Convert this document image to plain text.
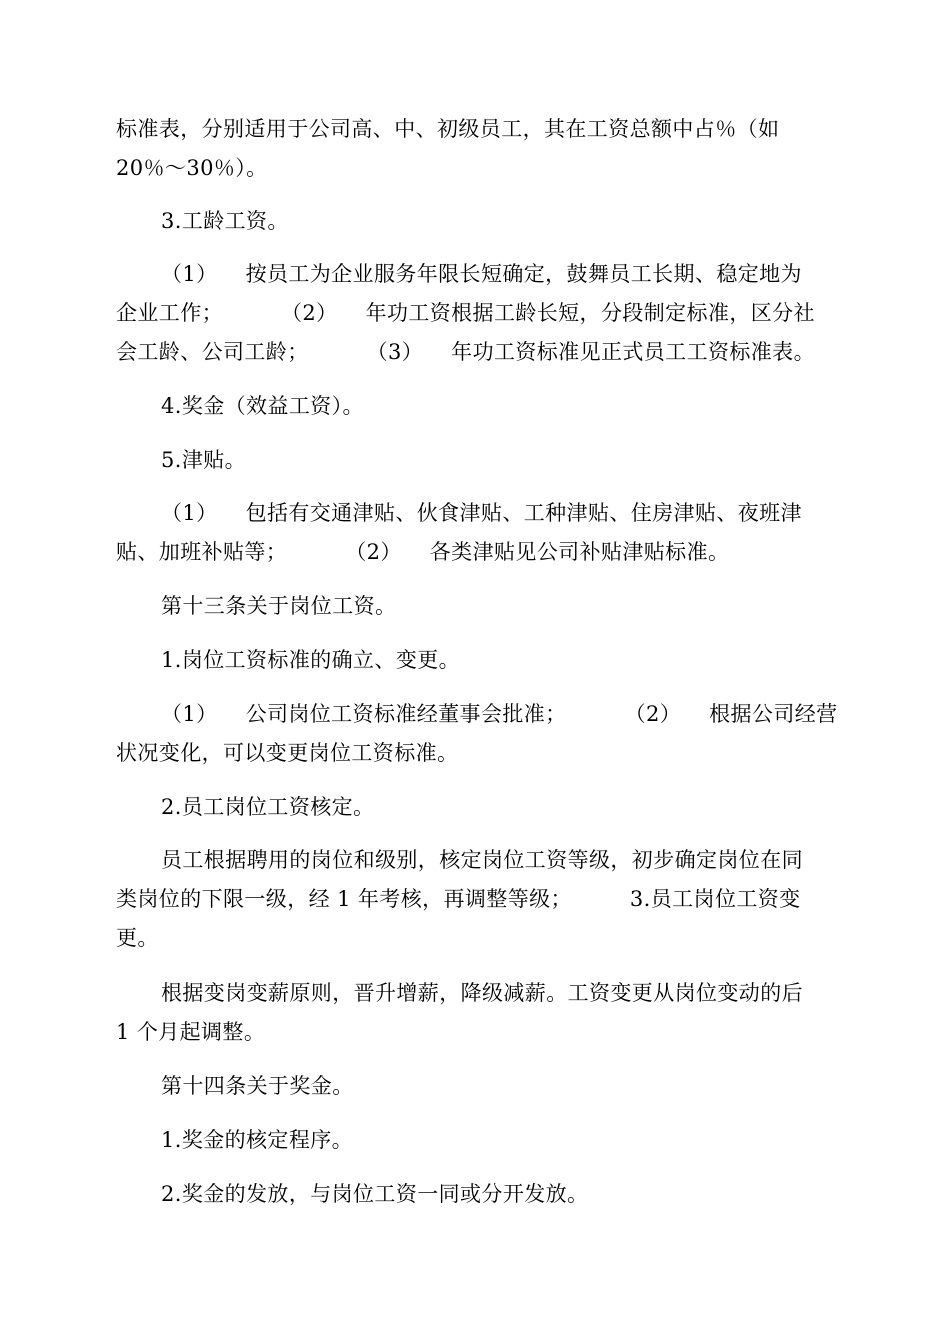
标准表，分别适用于公司高、中、初级员工，其在工资总额中占％（如
20％～30％）。

3.工龄工资。

（1） 按员工为企业服务年限长短确定，鼓舞员工长期、稳定地为
企业工作；	（2） 年功工资根据工龄长短，分段制定标准，区分社
会工龄、公司工龄；	（3） 年功工资标准见正式员工工资标准表。

4.奖金（效益工资）。

5.津贴。

（1） 包括有交通津贴、伙食津贴、工种津贴、住房津贴、夜班津
贴、加班补贴等；	（2） 各类津贴见公司补贴津贴标准。

第十三条关于岗位工资。

1.岗位工资标准的确立、变更。

（1） 公司岗位工资标准经董事会批准；	（2） 根据公司经营
状况变化，可以变更岗位工资标准。

2.员工岗位工资核定。

员工根据聘用的岗位和级别，核定岗位工资等级，初步确定岗位在同
类岗位的下限一级，经 1 年考核，再调整等级；	3.员工岗位工资变
更。

根据变岗变薪原则，晋升增薪，降级减薪。工资变更从岗位变动的后
1 个月起调整。

第十四条关于奖金。

1.奖金的核定程序。

2.奖金的发放，与岗位工资一同或分开发放。
